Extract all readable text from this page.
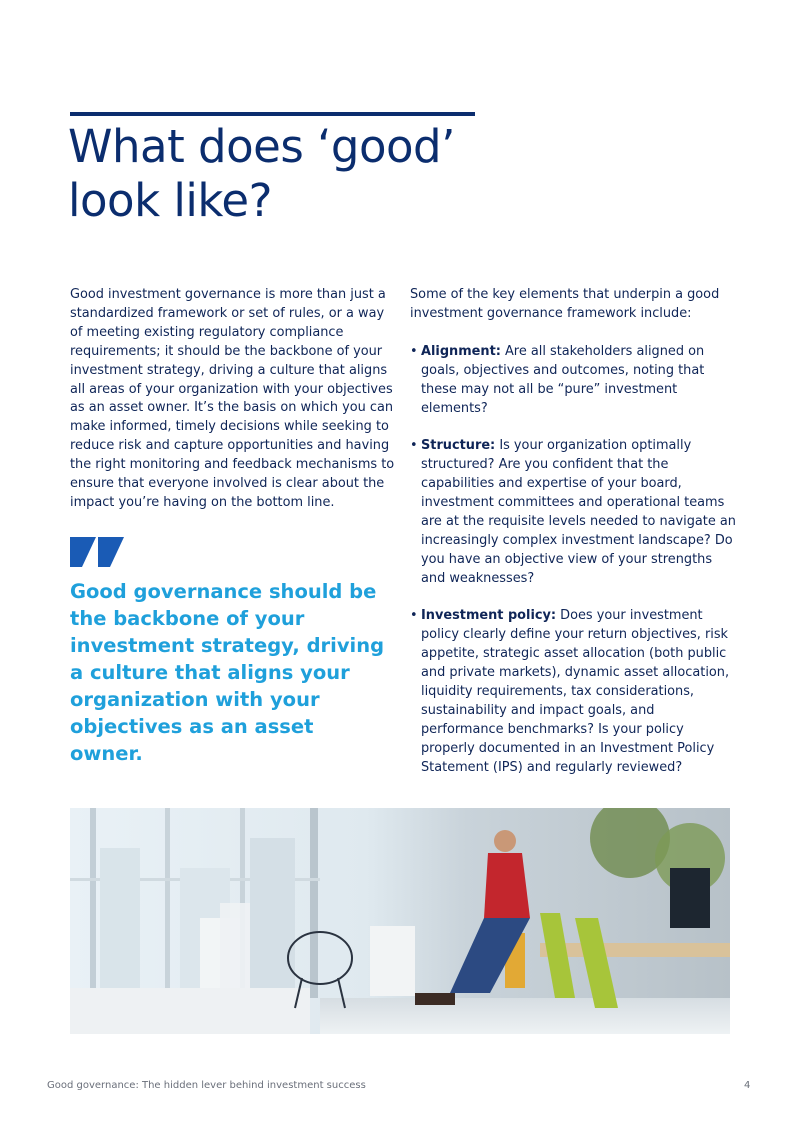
What does ‘good’
look like?

Good investment governance is more than just a standardized framework or set of rules, or a way of meeting existing regulatory compliance requirements; it should be the backbone of your investment strategy, driving a culture that aligns all areas of your organization with your objectives as an asset owner. It’s the basis on which you can make informed, timely decisions while seeking to reduce risk and capture opportunities and having the right monitoring and feedback mechanisms to ensure that everyone involved is clear about the impact you’re having on the bottom line.

Good governance should be the backbone of your investment strategy, driving a culture that aligns your organization with your objectives as an asset owner.

Some of the key elements that underpin a good investment governance framework include:

• Alignment: Are all stakeholders aligned on goals, objectives and outcomes, noting that these may not all be “pure” investment elements?
• Structure: Is your organization optimally structured? Are you confident that the capabilities and expertise of your board, investment committees and operational teams are at the requisite levels needed to navigate an increasingly complex investment landscape? Do you have an objective view of your strengths and weaknesses?
• Investment policy: Does your investment policy clearly define your return objectives, risk appetite, strategic asset allocation (both public and private markets), dynamic asset allocation, liquidity requirements, tax considerations, sustainability and impact goals, and performance benchmarks? Is your policy properly documented in an Investment Policy Statement (IPS) and regularly reviewed?
Good governance: The hidden lever behind investment success	4
